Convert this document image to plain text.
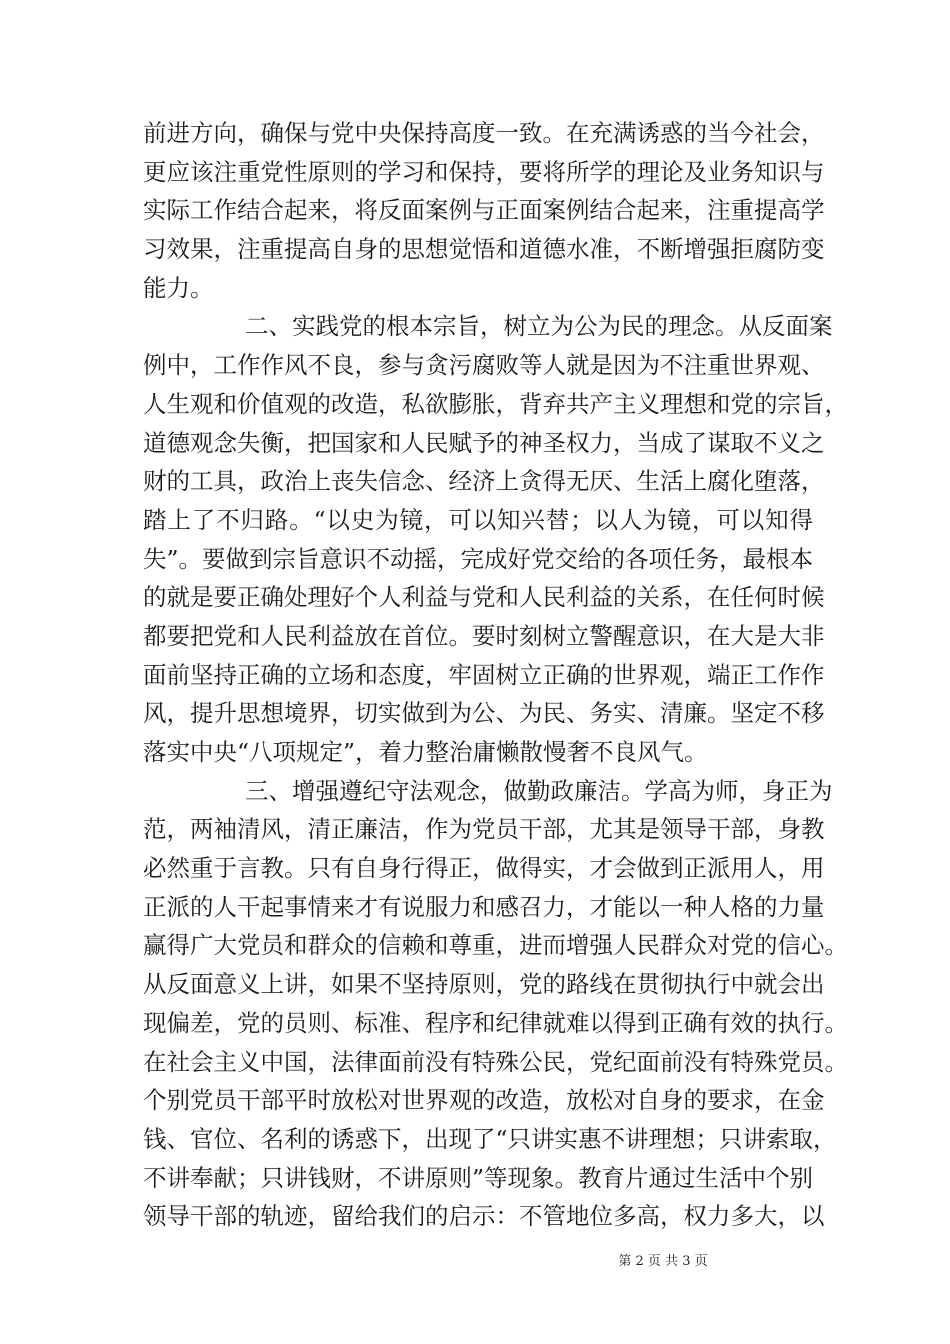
前进方向，确保与党中央保持高度一致。在充满诱惑的当今社会，
更应该注重党性原则的学习和保持，要将所学的理论及业务知识与
实际工作结合起来，将反面案例与正面案例结合起来，注重提高学
习效果，注重提高自身的思想觉悟和道德水准，不断增强拒腐防变
能力。
二、实践党的根本宗旨，树立为公为民的理念。从反面案
例中，工作作风不良，参与贪污腐败等人就是因为不注重世界观、
人生观和价值观的改造，私欲膨胀，背弃共产主义理想和党的宗旨，
道德观念失衡，把国家和人民赋予的神圣权力，当成了谋取不义之
财的工具，政治上丧失信念、经济上贪得无厌、生活上腐化堕落，
踏上了不归路。“以史为镜，可以知兴替；以人为镜，可以知得
失”。要做到宗旨意识不动摇，完成好党交给的各项任务，最根本
的就是要正确处理好个人利益与党和人民利益的关系，在任何时候
都要把党和人民利益放在首位。要时刻树立警醒意识，在大是大非
面前坚持正确的立场和态度，牢固树立正确的世界观，端正工作作
风，提升思想境界，切实做到为公、为民、务实、清廉。坚定不移
落实中央“八项规定”，着力整治庸懒散慢奢不良风气。
三、增强遵纪守法观念，做勤政廉洁。学高为师，身正为
范，两袖清风，清正廉洁，作为党员干部，尤其是领导干部，身教
必然重于言教。只有自身行得正，做得实，才会做到正派用人，用
正派的人干起事情来才有说服力和感召力，才能以一种人格的力量
赢得广大党员和群众的信赖和尊重，进而增强人民群众对党的信心。
从反面意义上讲，如果不坚持原则，党的路线在贯彻执行中就会出
现偏差，党的员则、标准、程序和纪律就难以得到正确有效的执行。
在社会主义中国，法律面前没有特殊公民，党纪面前没有特殊党员。
个别党员干部平时放松对世界观的改造，放松对自身的要求，在金
钱、官位、名利的诱惑下，出现了“只讲实惠不讲理想；只讲索取，
不讲奉献；只讲钱财，不讲原则”等现象。教育片通过生活中个别
领导干部的轨迹，留给我们的启示：不管地位多高，权力多大，以
第 2 页 共 3 页
